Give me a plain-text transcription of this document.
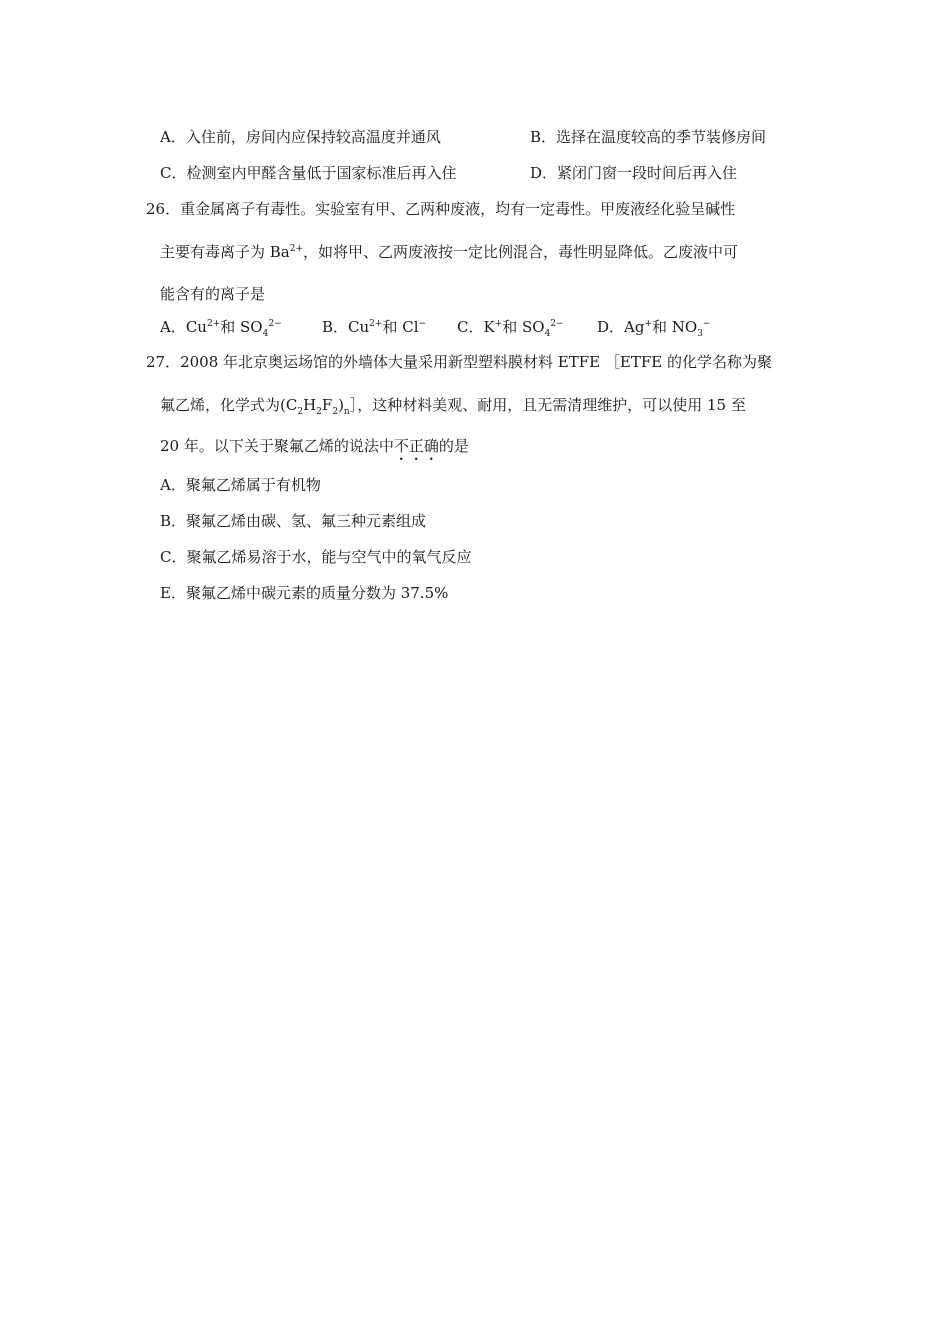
A．入住前，房间内应保持较高温度并通风	B．选择在温度较高的季节装修房间
C．检测室内甲醛含量低于国家标准后再入住	D．紧闭门窗一段时间后再入住
26．重金属离子有毒性。实验室有甲、乙两种废液，均有一定毒性。甲废液经化验呈碱性
主要有毒离子为 $Ba^{2+}$，如将甲、乙两废液按一定比例混合，毒性明显降低。乙废液中可
能含有的离子是
A．$Cu^{2+}$和 $SO_4^{2-}$	B．$Cu^{2+}$和 Cl− C．K+和 $SO_4^{2-}$ D．Ag+和 $NO_3^-$
27．2008 年北京奥运场馆的外墙体大量采用新型塑料膜材料 ETFE ［ETFE 的化学名称为聚
氟乙烯，化学式为$(C_2H_2F_2)_n]$，这种材料美观、耐用，且无需清理维护，可以使用 15 至
20 年。以下关于聚氟乙烯的说法中不正确的是
A．聚氟乙烯属于有机物
B．聚氟乙烯由碳、氢、氟三种元素组成
C．聚氟乙烯易溶于水，能与空气中的氧气反应
E．聚氟乙烯中碳元素的质量分数为 37.5%
